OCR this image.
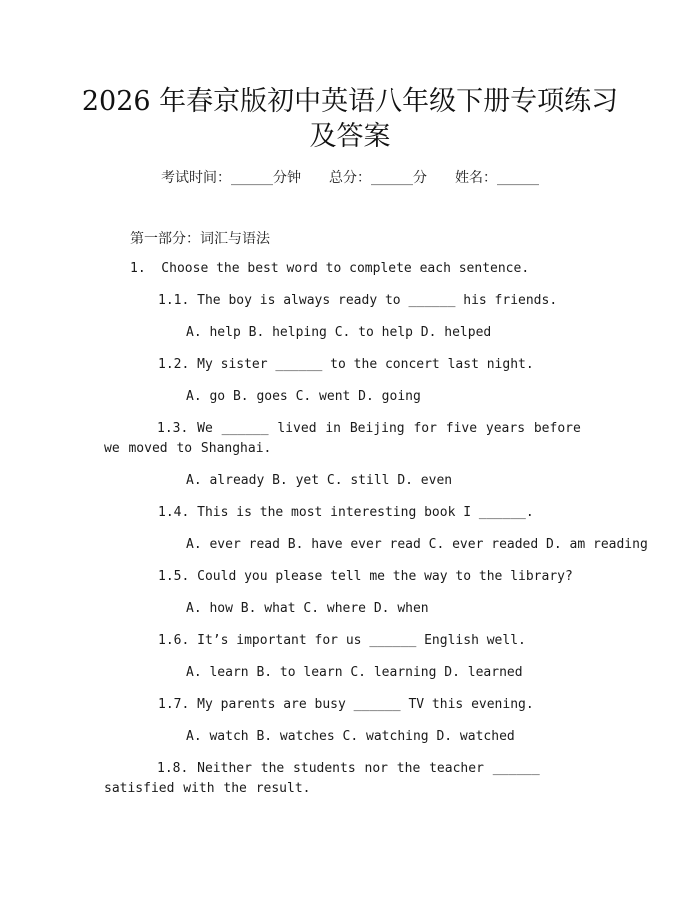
2026 年春京版初中英语八年级下册专项练习
及答案
考试时间：______分钟 总分：______分 姓名：______
第一部分：词汇与语法
1.  Choose the best word to complete each sentence.
1.1. The boy is always ready to ______ his friends.
A. help B. helping C. to help D. helped
1.2. My sister ______ to the concert last night.
A. go B. goes C. went D. going
1.3. We ______ lived in Beijing for five years before we moved to Shanghai.
A. already B. yet C. still D. even
1.4. This is the most interesting book I ______.
A. ever read B. have ever read C. ever readed D. am reading
1.5. Could you please tell me the way to the library?
A. how B. what C. where D. when
1.6. It’s important for us ______ English well.
A. learn B. to learn C. learning D. learned
1.7. My parents are busy ______ TV this evening.
A. watch B. watches C. watching D. watched
1.8. Neither the students nor the teacher ______ satisfied with the result.
